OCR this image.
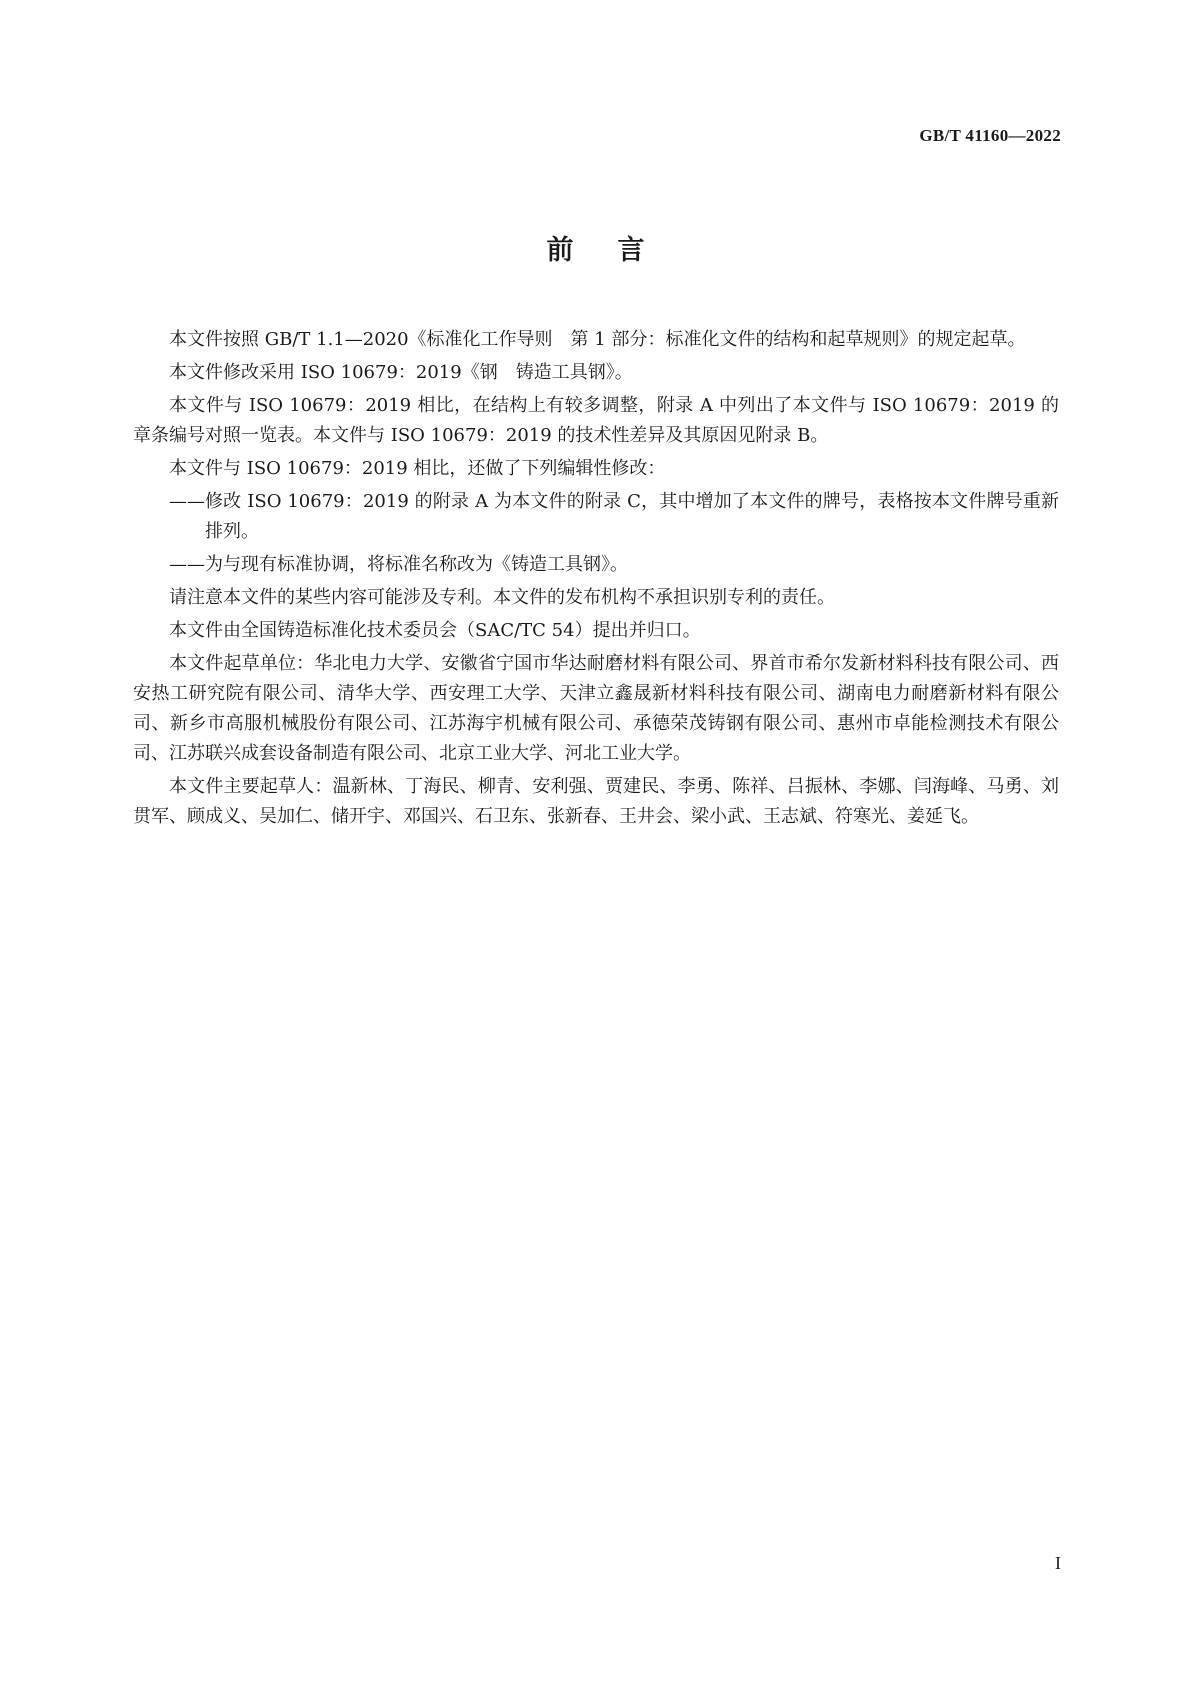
GB/T 41160—2022
前言

本文件按照 GB/T 1.1—2020《标准化工作导则　第 1 部分：标准化文件的结构和起草规则》的规定起草。

本文件修改采用 ISO 10679：2019《钢　铸造工具钢》。

本文件与 ISO 10679：2019 相比，在结构上有较多调整，附录 A 中列出了本文件与 ISO 10679：2019 的章条编号对照一览表。本文件与 ISO 10679：2019 的技术性差异及其原因见附录 B。

本文件与 ISO 10679：2019 相比，还做了下列编辑性修改：

—— 修改 ISO 10679：2019 的附录 A 为本文件的附录 C，其中增加了本文件的牌号，表格按本文件牌号重新排列。

—— 为与现有标准协调，将标准名称改为《铸造工具钢》。

请注意本文件的某些内容可能涉及专利。本文件的发布机构不承担识别专利的责任。

本文件由全国铸造标准化技术委员会（SAC/TC 54）提出并归口。

本文件起草单位：华北电力大学、安徽省宁国市华达耐磨材料有限公司、界首市希尔发新材料科技有限公司、西安热工研究院有限公司、清华大学、西安理工大学、天津立鑫晟新材料科技有限公司、湖南电力耐磨新材料有限公司、新乡市高服机械股份有限公司、江苏海宇机械有限公司、承德荣茂铸钢有限公司、惠州市卓能检测技术有限公司、江苏联兴成套设备制造有限公司、北京工业大学、河北工业大学。

本文件主要起草人：温新林、丁海民、柳青、安利强、贾建民、李勇、陈祥、吕振林、李娜、闫海峰、马勇、刘贯军、顾成义、吴加仁、储开宇、邓国兴、石卫东、张新春、王井会、梁小武、王志斌、符寒光、姜延飞。

I
